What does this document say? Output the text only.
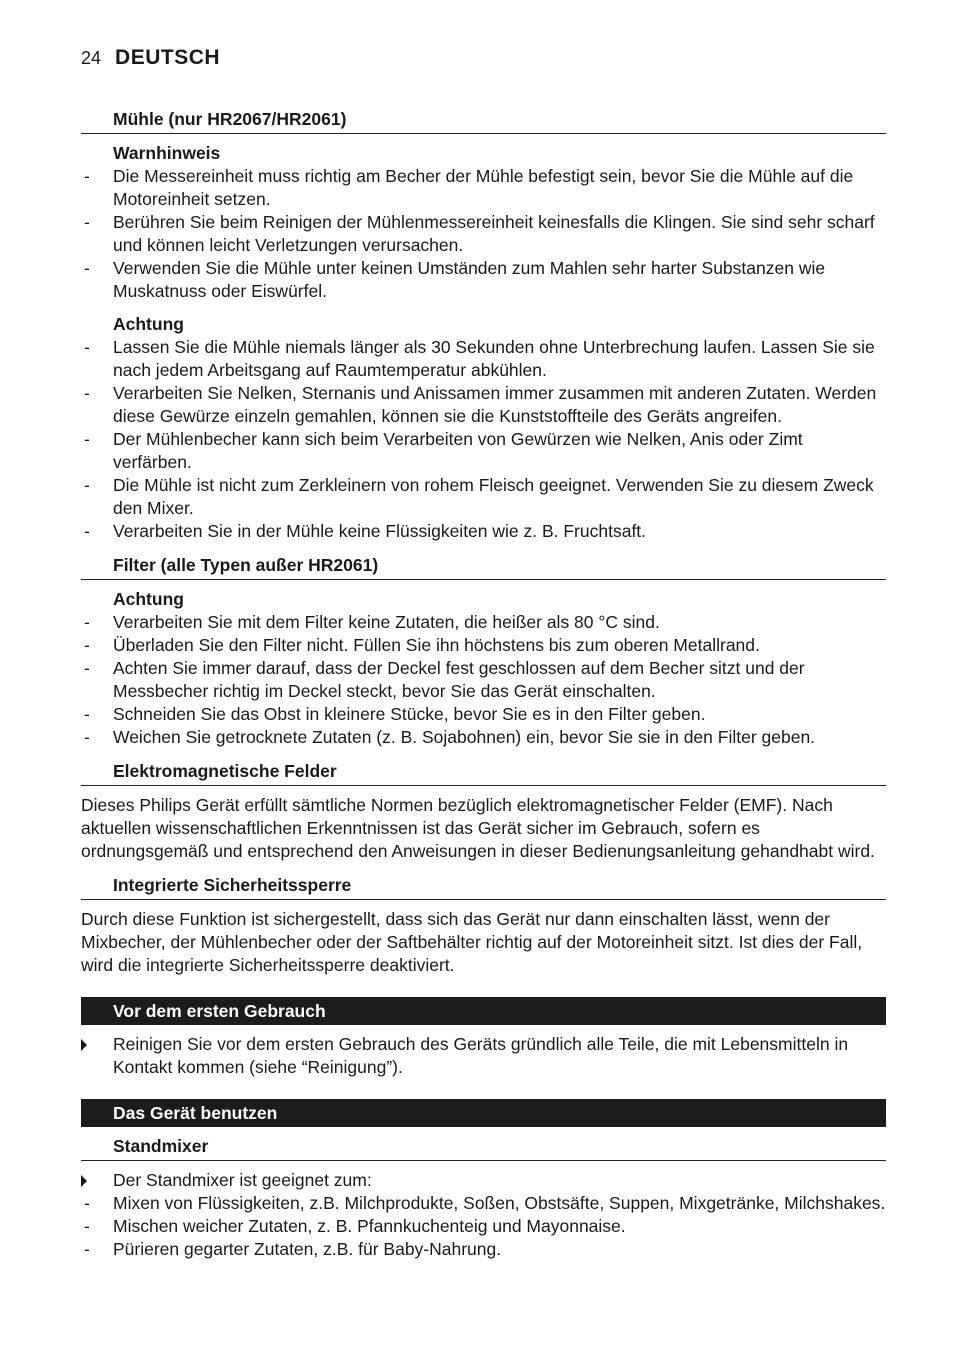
24 DEUTSCH
Mühle (nur HR2067/HR2061)
Warnhinweis
- Die Messereinheit muss richtig am Becher der Mühle befestigt sein, bevor Sie die Mühle auf die Motoreinheit setzen.
- Berühren Sie beim Reinigen der Mühlenmessereinheit keinesfalls die Klingen. Sie sind sehr scharf und können leicht Verletzungen verursachen.
- Verwenden Sie die Mühle unter keinen Umständen zum Mahlen sehr harter Substanzen wie Muskatnuss oder Eiswürfel.
Achtung
- Lassen Sie die Mühle niemals länger als 30 Sekunden ohne Unterbrechung laufen. Lassen Sie sie nach jedem Arbeitsgang auf Raumtemperatur abkühlen.
- Verarbeiten Sie Nelken, Sternanis und Anissamen immer zusammen mit anderen Zutaten. Werden diese Gewürze einzeln gemahlen, können sie die Kunststoffteile des Geräts angreifen.
- Der Mühlenbecher kann sich beim Verarbeiten von Gewürzen wie Nelken, Anis oder Zimt verfärben.
- Die Mühle ist nicht zum Zerkleinern von rohem Fleisch geeignet. Verwenden Sie zu diesem Zweck den Mixer.
- Verarbeiten Sie in der Mühle keine Flüssigkeiten wie z. B. Fruchtsaft.
Filter (alle Typen außer HR2061)
Achtung
- Verarbeiten Sie mit dem Filter keine Zutaten, die heißer als 80 °C sind.
- Überladen Sie den Filter nicht. Füllen Sie ihn höchstens bis zum oberen Metallrand.
- Achten Sie immer darauf, dass der Deckel fest geschlossen auf dem Becher sitzt und der Messbecher richtig im Deckel steckt, bevor Sie das Gerät einschalten.
- Schneiden Sie das Obst in kleinere Stücke, bevor Sie es in den Filter geben.
- Weichen Sie getrocknete Zutaten (z. B. Sojabohnen) ein, bevor Sie sie in den Filter geben.
Elektromagnetische Felder
Dieses Philips Gerät erfüllt sämtliche Normen bezüglich elektromagnetischer Felder (EMF). Nach aktuellen wissenschaftlichen Erkenntnissen ist das Gerät sicher im Gebrauch, sofern es ordnungsgemäß und entsprechend den Anweisungen in dieser Bedienungsanleitung gehandhabt wird.
Integrierte Sicherheitssperre
Durch diese Funktion ist sichergestellt, dass sich das Gerät nur dann einschalten lässt, wenn der Mixbecher, der Mühlenbecher oder der Saftbehälter richtig auf der Motoreinheit sitzt. Ist dies der Fall, wird die integrierte Sicherheitssperre deaktiviert.
Vor dem ersten Gebrauch
Reinigen Sie vor dem ersten Gebrauch des Geräts gründlich alle Teile, die mit Lebensmitteln in Kontakt kommen (siehe “Reinigung”).
Das Gerät benutzen
Standmixer
Der Standmixer ist geeignet zum:
- Mixen von Flüssigkeiten, z.B. Milchprodukte, Soßen, Obstsäfte, Suppen, Mixgetränke, Milchshakes.
- Mischen weicher Zutaten, z. B. Pfannkuchenteig und Mayonnaise.
- Pürieren gegarter Zutaten, z.B. für Baby-Nahrung.
